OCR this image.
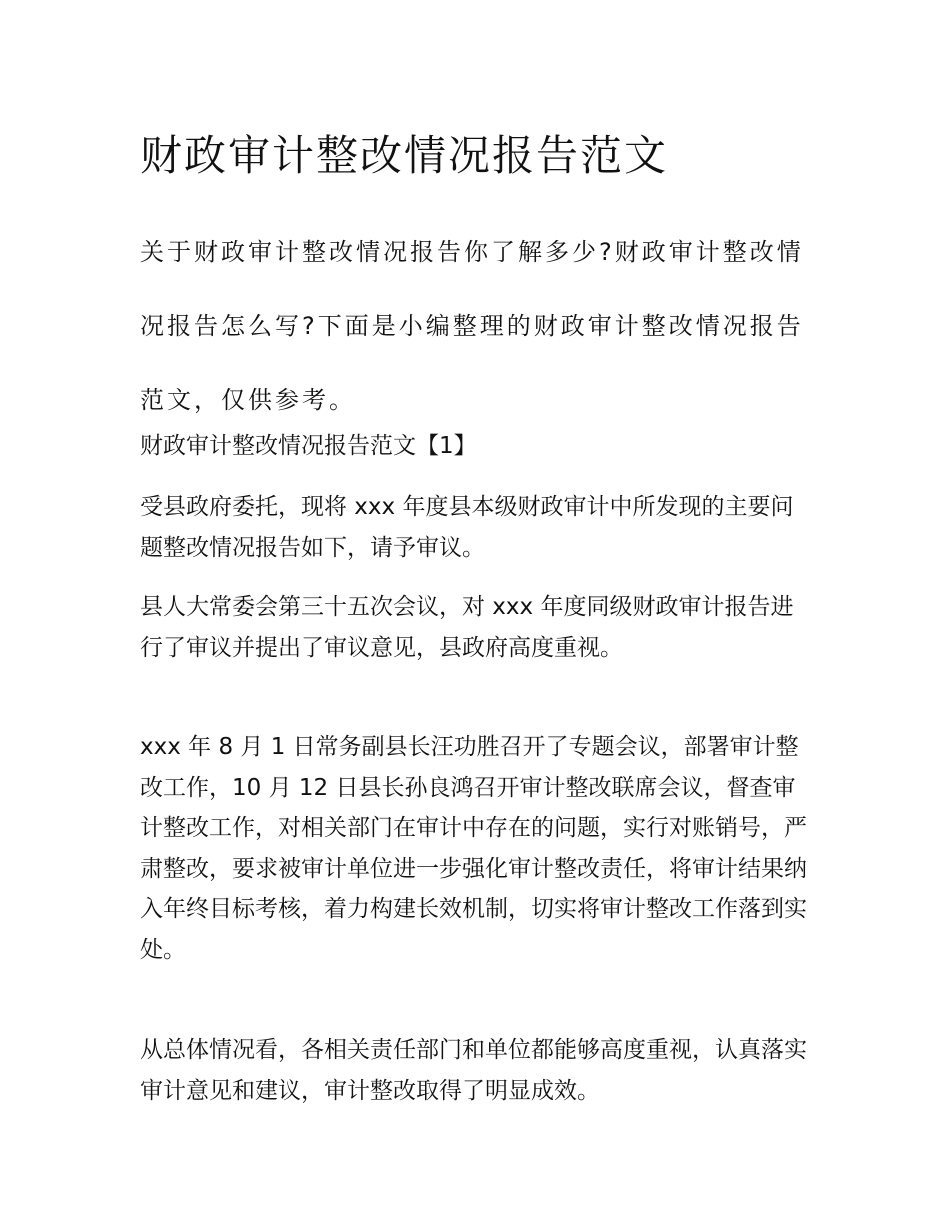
财政审计整改情况报告范文

关于财政审计整改情况报告你了解多少?财政审计整改情况报告怎么写?下面是小编整理的财政审计整改情况报告范文，仅供参考。

财政审计整改情况报告范文【1】

受县政府委托，现将 xxx 年度县本级财政审计中所发现的主要问题整改情况报告如下，请予审议。

县人大常委会第三十五次会议，对 xxx 年度同级财政审计报告进行了审议并提出了审议意见，县政府高度重视。

xxx 年 8 月 1 日常务副县长汪功胜召开了专题会议，部署审计整改工作，10 月 12 日县长孙良鸿召开审计整改联席会议，督查审计整改工作，对相关部门在审计中存在的问题，实行对账销号，严肃整改，要求被审计单位进一步强化审计整改责任，将审计结果纳入年终目标考核，着力构建长效机制，切实将审计整改工作落到实处。

从总体情况看，各相关责任部门和单位都能够高度重视，认真落实审计意见和建议，审计整改取得了明显成效。
